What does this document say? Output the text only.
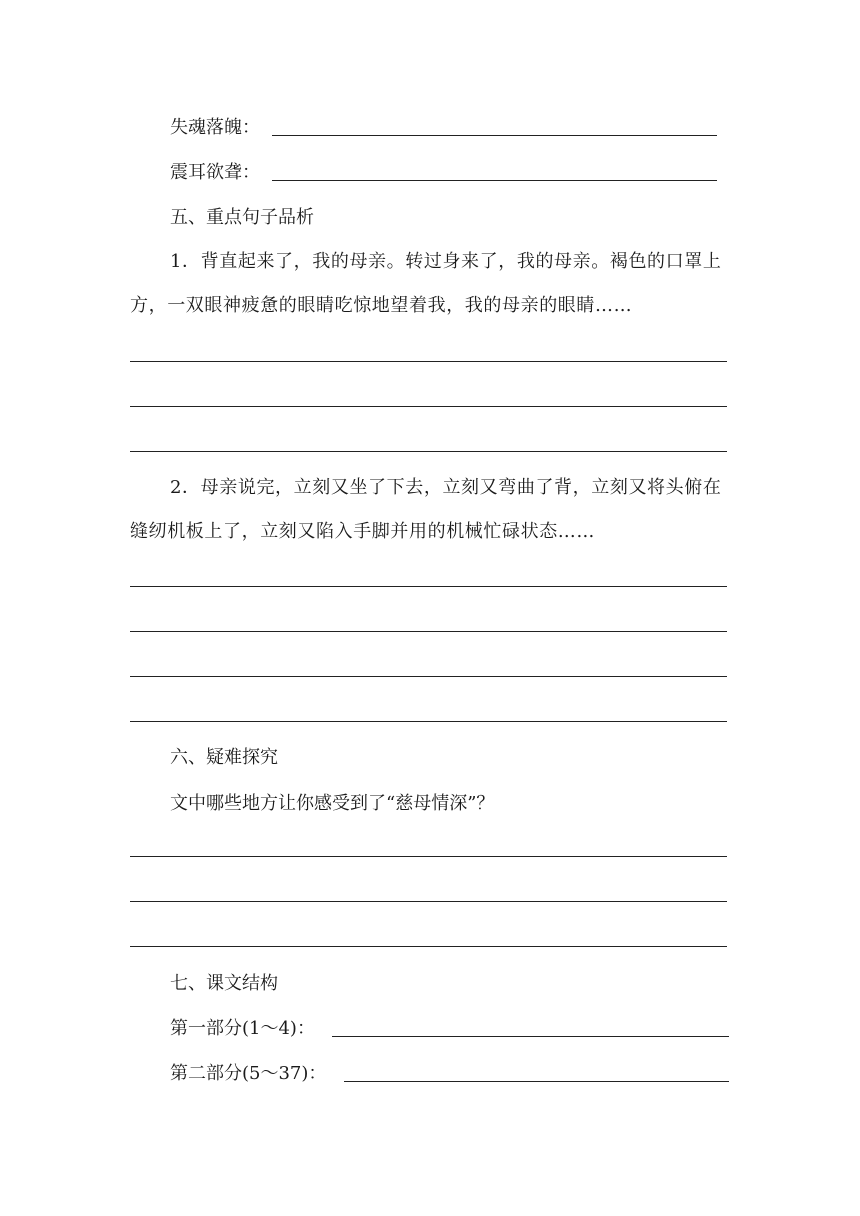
失魂落魄：
震耳欲聋：
五、重点句子品析
1．背直起来了，我的母亲。转过身来了，我的母亲。褐色的口罩上方，一双眼神疲惫的眼睛吃惊地望着我，我的母亲的眼睛……
2．母亲说完，立刻又坐了下去，立刻又弯曲了背，立刻又将头俯在缝纫机板上了，立刻又陷入手脚并用的机械忙碌状态……
六、疑难探究
文中哪些地方让你感受到了“慈母情深”？
七、课文结构
第一部分(1～4)：
第二部分(5～37)：
